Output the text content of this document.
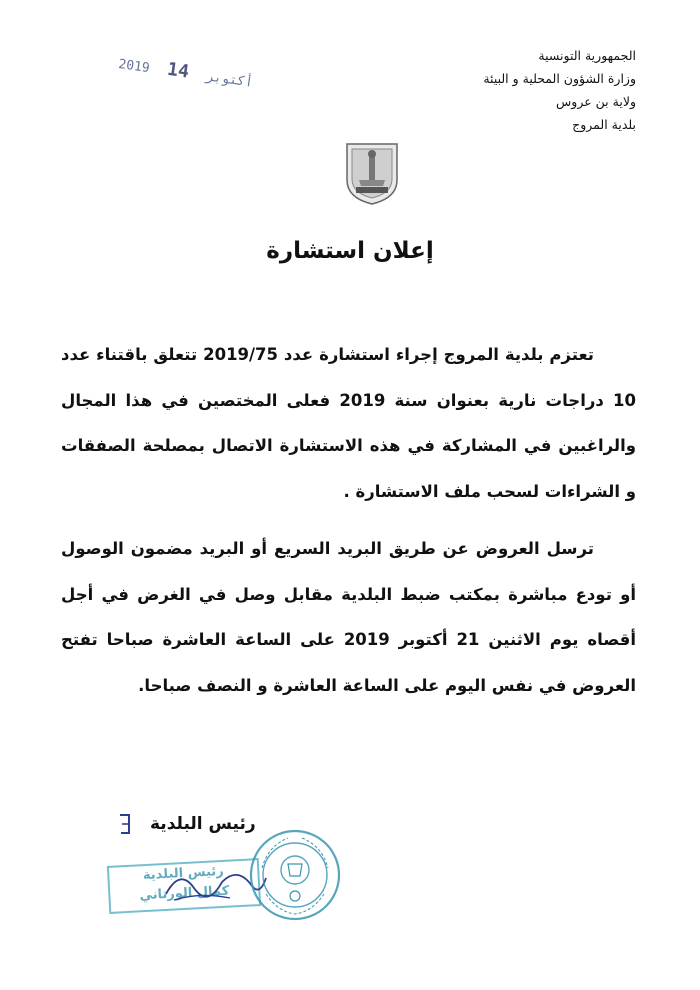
الجمهورية التونسية
وزارة الشؤون المحلية و البيئة
ولاية بن عروس
بلدية المروج
2019 أكتوبر 14
إعلان استشارة
تعتزم بلدية المروج إجراء استشارة عدد 2019/75 تتعلق باقتناء عدد 10 دراجات نارية بعنوان سنة 2019 فعلى المختصين في هذا المجال والراغبين في المشاركة في هذه الاستشارة الاتصال بمصلحة الصفقات و الشراءات لسحب ملف الاستشارة .
ترسل العروض عن طريق البريد السريع أو البريد مضمون الوصول أو تودع مباشرة بمكتب ضبط البلدية مقابل وصل في الغرض في أجل أقصاه يوم الاثنين 21 أكتوبر 2019 على الساعة العاشرة صباحا تفتح العروض في نفس اليوم على الساعة العاشرة و النصف صباحا.
رئيس البلدية
رئيس البلدية
كمال الورتاني
